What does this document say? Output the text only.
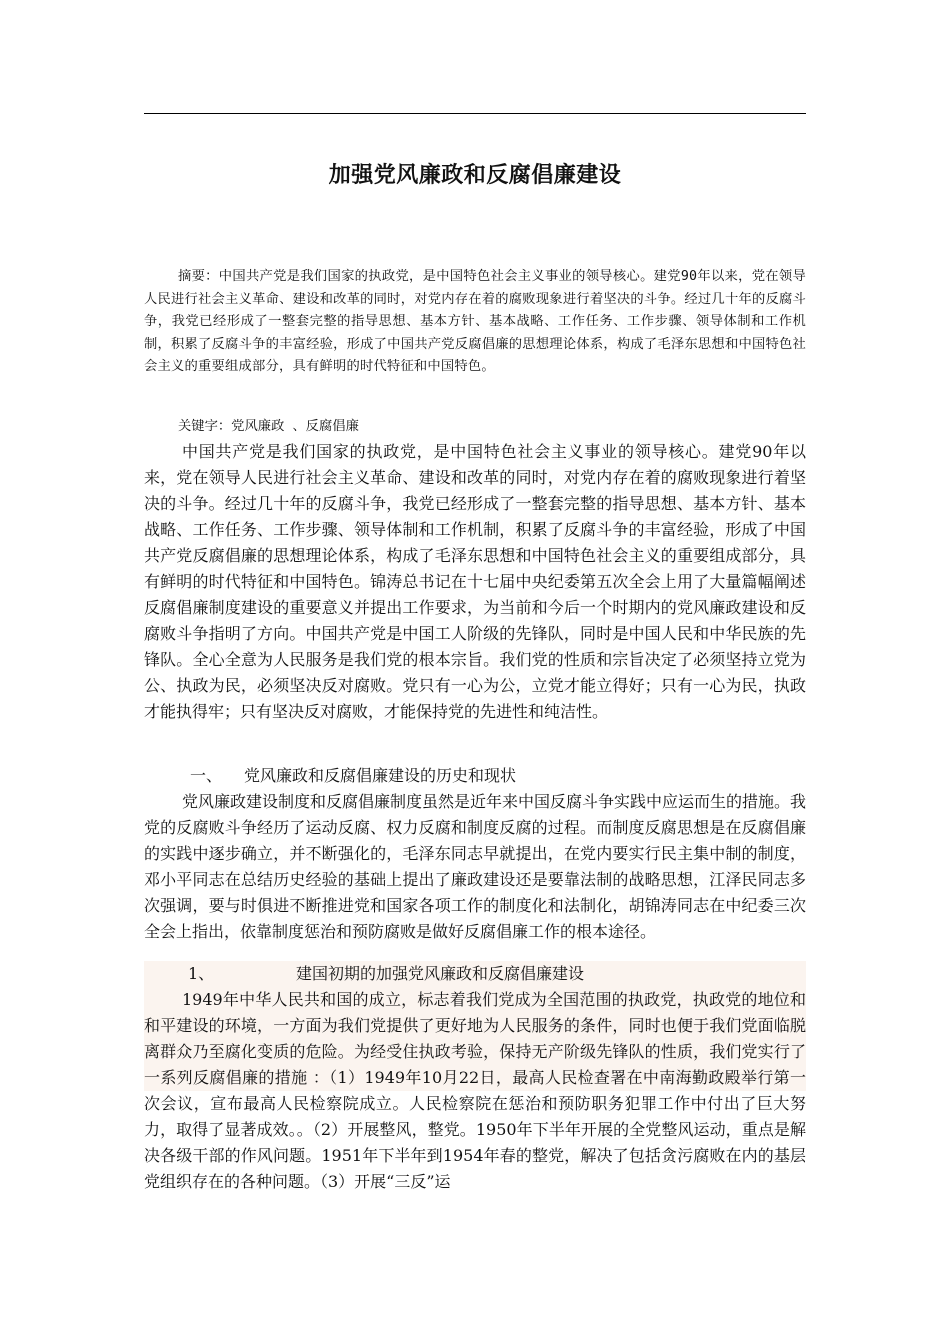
加强党风廉政和反腐倡廉建设

摘要：中国共产党是我们国家的执政党，是中国特色社会主义事业的领导核心。建党90年以来，党在领导人民进行社会主义革命、建设和改革的同时，对党内存在着的腐败现象进行着坚决的斗争。经过几十年的反腐斗争，我党已经形成了一整套完整的指导思想、基本方针、基本战略、工作任务、工作步骤、领导体制和工作机制，积累了反腐斗争的丰富经验，形成了中国共产党反腐倡廉的思想理论体系，构成了毛泽东思想和中国特色社会主义的重要组成部分，具有鲜明的时代特征和中国特色。

关键字：党风廉政 、反腐倡廉

中国共产党是我们国家的执政党，是中国特色社会主义事业的领导核心。建党90年以来，党在领导人民进行社会主义革命、建设和改革的同时，对党内存在着的腐败现象进行着坚决的斗争。经过几十年的反腐斗争，我党已经形成了一整套完整的指导思想、基本方针、基本战略、工作任务、工作步骤、领导体制和工作机制，积累了反腐斗争的丰富经验，形成了中国共产党反腐倡廉的思想理论体系，构成了毛泽东思想和中国特色社会主义的重要组成部分，具有鲜明的时代特征和中国特色。锦涛总书记在十七届中央纪委第五次全会上用了大量篇幅阐述反腐倡廉制度建设的重要意义并提出工作要求，为当前和今后一个时期内的党风廉政建设和反腐败斗争指明了方向。中国共产党是中国工人阶级的先锋队，同时是中国人民和中华民族的先锋队。全心全意为人民服务是我们党的根本宗旨。我们党的性质和宗旨决定了必须坚持立党为公、执政为民，必须坚决反对腐败。党只有一心为公，立党才能立得好；只有一心为民，执政才能执得牢；只有坚决反对腐败，才能保持党的先进性和纯洁性。

一、 党风廉政和反腐倡廉建设的历史和现状

党风廉政建设制度和反腐倡廉制度虽然是近年来中国反腐斗争实践中应运而生的措施。我党的反腐败斗争经历了运动反腐、权力反腐和制度反腐的过程。而制度反腐思想是在反腐倡廉的实践中逐步确立，并不断强化的，毛泽东同志早就提出，在党内要实行民主集中制的制度，邓小平同志在总结历史经验的基础上提出了廉政建设还是要靠法制的战略思想，江泽民同志多次强调，要与时俱进不断推进党和国家各项工作的制度化和法制化，胡锦涛同志在中纪委三次全会上指出，依靠制度惩治和预防腐败是做好反腐倡廉工作的根本途径。

1、	建国初期的加强党风廉政和反腐倡廉建设

1949年中华人民共和国的成立，标志着我们党成为全国范围的执政党，执政党的地位和和平建设的环境，一方面为我们党提供了更好地为人民服务的条件，同时也便于我们党面临脱离群众乃至腐化变质的危险。为经受住执政考验，保持无产阶级先锋队的性质，我们党实行了一系列反腐倡廉的措施 ：（1）1949年10月22日，最高人民检查署在中南海勤政殿举行第一次会议，宣布最高人民检察院成立。人民检察院在惩治和预防职务犯罪工作中付出了巨大努力，取得了显著成效。。（2）开展整风，整党。1950年下半年开展的全党整风运动，重点是解决各级干部的作风问题。1951年下半年到1954年春的整党，解决了包括贪污腐败在内的基层党组织存在的各种问题。（3）开展“三反”运
